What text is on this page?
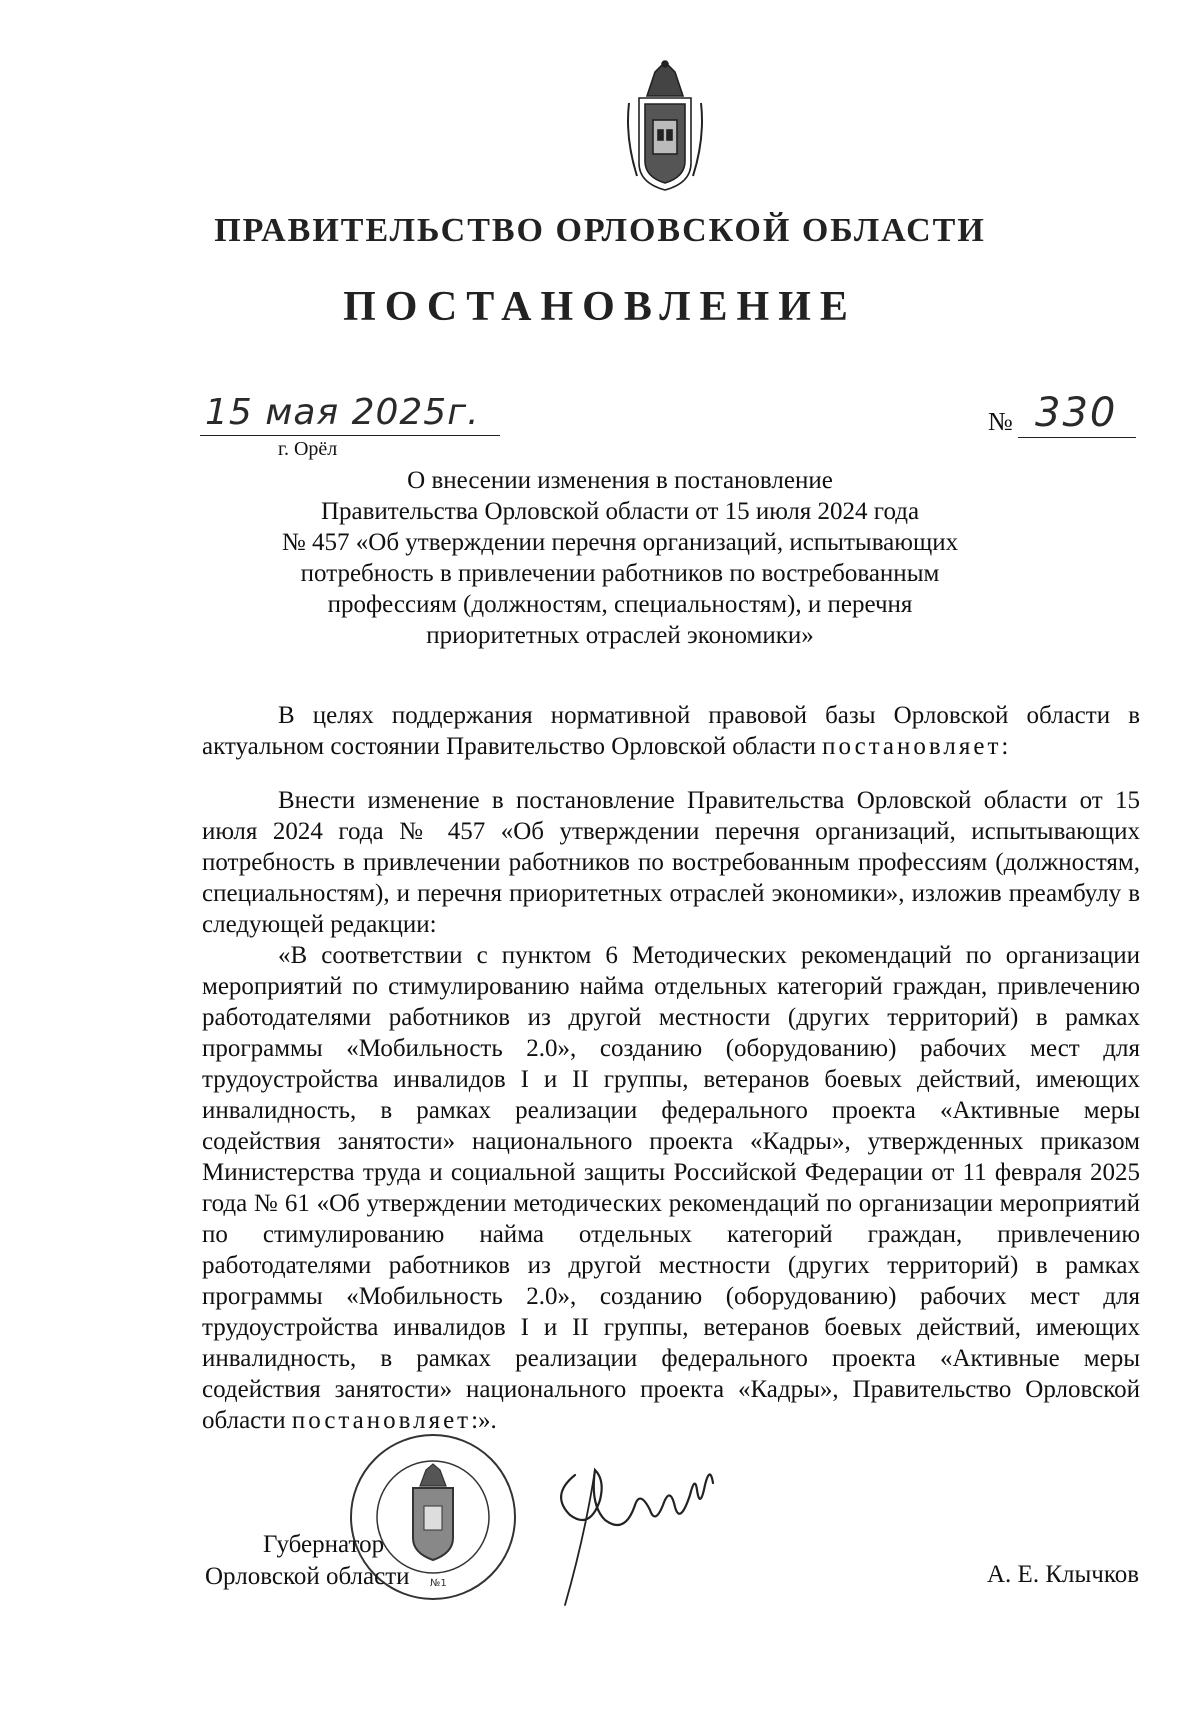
ПРАВИТЕЛЬСТВО ОРЛОВСКОЙ ОБЛАСТИ
ПОСТАНОВЛЕНИЕ
15 мая 2025г.
г. Орёл
№ 330
О внесении изменения в постановление
Правительства Орловской области от 15 июля 2024 года
№ 457 «Об утверждении перечня организаций, испытывающих
потребность в привлечении работников по востребованным
профессиям (должностям, специальностям), и перечня
приоритетных отраслей экономики»

В целях поддержания нормативной правовой базы Орловской области в актуальном состоянии Правительство Орловской области постановляет:

Внести изменение в постановление Правительства Орловской области от 15 июля 2024 года № 457 «Об утверждении перечня организаций, испытывающих потребность в привлечении работников по востребованным профессиям (должностям, специальностям), и перечня приоритетных отраслей экономики», изложив преамбулу в следующей редакции:

«В соответствии с пунктом 6 Методических рекомендаций по организации мероприятий по стимулированию найма отдельных категорий граждан, привлечению работодателями работников из другой местности (других территорий) в рамках программы «Мобильность 2.0», созданию (оборудованию) рабочих мест для трудоустройства инвалидов I и II группы, ветеранов боевых действий, имеющих инвалидность, в рамках реализации федерального проекта «Активные меры содействия занятости» национального проекта «Кадры», утвержденных приказом Министерства труда и социальной защиты Российской Федерации от 11 февраля 2025 года № 61 «Об утверждении методических рекомендаций по организации мероприятий по стимулированию найма отдельных категорий граждан, привлечению работодателями работников из другой местности (других территорий) в рамках программы «Мобильность 2.0», созданию (оборудованию) рабочих мест для трудоустройства инвалидов I и II группы, ветеранов боевых действий, имеющих инвалидность, в рамках реализации федерального проекта «Активные меры содействия занятости» национального проекта «Кадры», Правительство Орловской области постановляет:».

№1
Губернатор
Орловской области	А. Е. Клычков
